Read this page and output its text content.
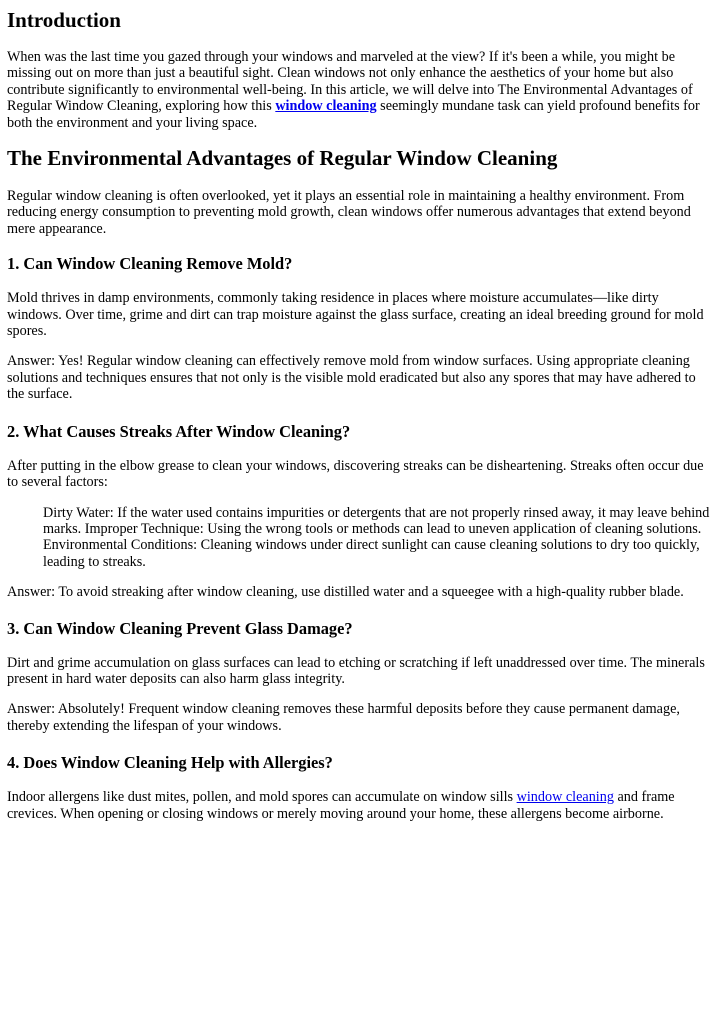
Introduction

When was the last time you gazed through your windows and marveled at the view? If it's been a while, you might be missing out on more than just a beautiful sight. Clean windows not only enhance the aesthetics of your home but also contribute significantly to environmental well-being. In this article, we will delve into The Environmental Advantages of Regular Window Cleaning, exploring how this window cleaning seemingly mundane task can yield profound benefits for both the environment and your living space.

The Environmental Advantages of Regular Window Cleaning

Regular window cleaning is often overlooked, yet it plays an essential role in maintaining a healthy environment. From reducing energy consumption to preventing mold growth, clean windows offer numerous advantages that extend beyond mere appearance.

1. Can Window Cleaning Remove Mold?

Mold thrives in damp environments, commonly taking residence in places where moisture accumulates—like dirty windows. Over time, grime and dirt can trap moisture against the glass surface, creating an ideal breeding ground for mold spores.

Answer: Yes! Regular window cleaning can effectively remove mold from window surfaces. Using appropriate cleaning solutions and techniques ensures that not only is the visible mold eradicated but also any spores that may have adhered to the surface.

2. What Causes Streaks After Window Cleaning?

After putting in the elbow grease to clean your windows, discovering streaks can be disheartening. Streaks often occur due to several factors:

Dirty Water: If the water used contains impurities or detergents that are not properly rinsed away, it may leave behind marks. Improper Technique: Using the wrong tools or methods can lead to uneven application of cleaning solutions. Environmental Conditions: Cleaning windows under direct sunlight can cause cleaning solutions to dry too quickly, leading to streaks.

Answer: To avoid streaking after window cleaning, use distilled water and a squeegee with a high-quality rubber blade.

3. Can Window Cleaning Prevent Glass Damage?

Dirt and grime accumulation on glass surfaces can lead to etching or scratching if left unaddressed over time. The minerals present in hard water deposits can also harm glass integrity.

Answer: Absolutely! Frequent window cleaning removes these harmful deposits before they cause permanent damage, thereby extending the lifespan of your windows.

4. Does Window Cleaning Help with Allergies?

Indoor allergens like dust mites, pollen, and mold spores can accumulate on window sills window cleaning and frame crevices. When opening or closing windows or merely moving around your home, these allergens become airborne.
